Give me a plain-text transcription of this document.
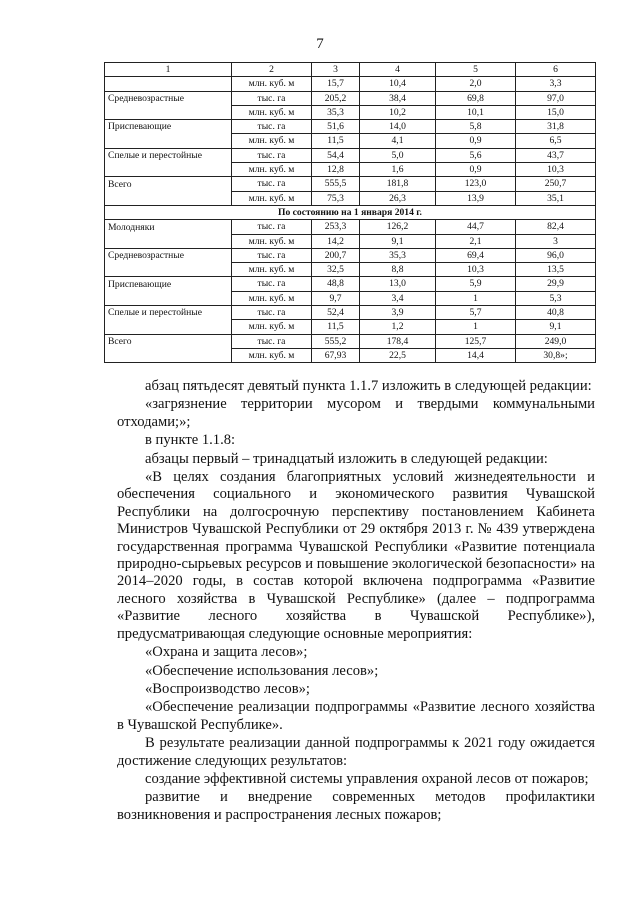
7
1	2	3	4	5	6
	млн. куб. м	15,7	10,4	2,0	3,3
Средневозрастные	тыс. га	205,2	38,4	69,8	97,0
	млн. куб. м	35,3	10,2	10,1	15,0
Приспевающие	тыс. га	51,6	14,0	5,8	31,8
	млн. куб. м	11,5	4,1	0,9	6,5
Спелые и перестойные	тыс. га	54,4	5,0	5,6	43,7
	млн. куб. м	12,8	1,6	0,9	10,3
Всего	тыс. га	555,5	181,8	123,0	250,7
	млн. куб. м	75,3	26,3	13,9	35,1
По состоянию на 1 января 2014 г.					
Молодняки	тыс. га	253,3	126,2	44,7	82,4
	млн. куб. м	14,2	9,1	2,1	3
Средневозрастные	тыс. га	200,7	35,3	69,4	96,0
	млн. куб. м	32,5	8,8	10,3	13,5
Приспевающие	тыс. га	48,8	13,0	5,9	29,9
	млн. куб. м	9,7	3,4	1	5,3
Спелые и перестойные	тыс. га	52,4	3,9	5,7	40,8
	млн. куб. м	11,5	1,2	1	9,1
Всего	тыс. га	555,2	178,4	125,7	249,0
	млн. куб. м	67,93	22,5	14,4	30,8»;

абзац пятьдесят девятый пункта 1.1.7 изложить в следующей редакции:

«загрязнение территории мусором и твердыми коммунальными отходами;»;

в пункте 1.1.8:

абзацы первый – тринадцатый изложить в следующей редакции:

«В целях создания благоприятных условий жизнедеятельности и обеспечения социального и экономического развития Чувашской Республики на долгосрочную перспективу постановлением Кабинета Министров Чувашской Республики от 29 октября 2013 г. № 439 утверждена государственная программа Чувашской Республики «Развитие потенциала природно-сырьевых ресурсов и повышение экологической безопасности» на 2014–2020 годы, в состав которой включена подпрограмма «Развитие лесного хозяйства в Чувашской Республике» (далее – подпрограмма «Развитие лесного хозяйства в Чувашской Республике»), предусматривающая следующие основные мероприятия:

«Охрана и защита лесов»;

«Обеспечение использования лесов»;

«Воспроизводство лесов»;

«Обеспечение реализации подпрограммы «Развитие лесного хозяйства в Чувашской Республике».

В результате реализации данной подпрограммы к 2021 году ожидается достижение следующих результатов:

создание эффективной системы управления охраной лесов от пожаров;

развитие и внедрение современных методов профилактики возникновения и распространения лесных пожаров;
